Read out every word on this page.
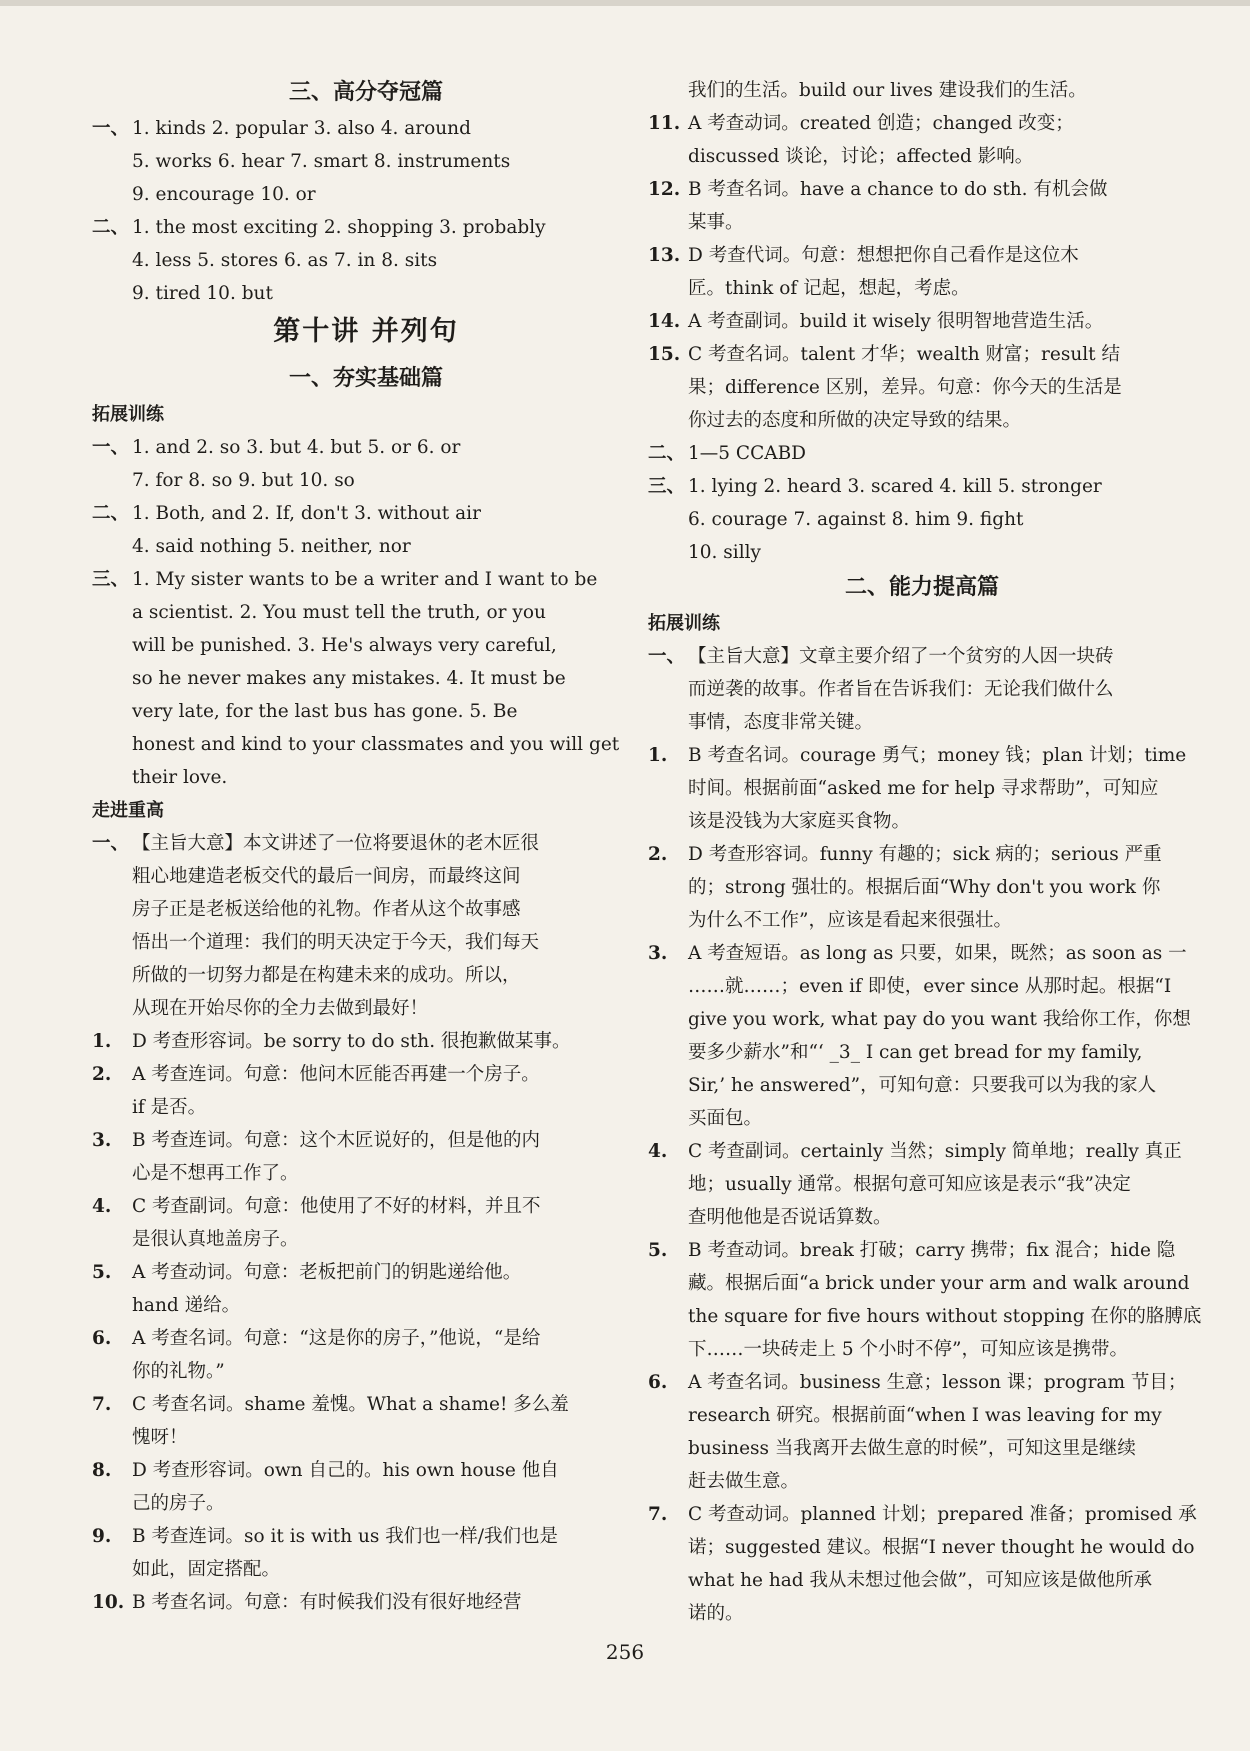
三、高分夺冠篇
一、 1. kinds 2. popular 3. also 4. around
5. works 6. hear 7. smart 8. instruments
9. encourage 10. or
二、 1. the most exciting 2. shopping 3. probably
4. less 5. stores 6. as 7. in 8. sits
9. tired 10. but
第十讲 并列句
一、夯实基础篇
拓展训练
一、 1. and 2. so 3. but 4. but 5. or 6. or
7. for 8. so 9. but 10. so
二、 1. Both, and 2. If, don't 3. without air
4. said nothing 5. neither, nor
三、 1. My sister wants to be a writer and I want to be
a scientist. 2. You must tell the truth, or you
will be punished. 3. He's always very careful,
so he never makes any mistakes. 4. It must be
very late, for the last bus has gone. 5. Be
honest and kind to your classmates and you will get
their love.
走进重高
一、 【主旨大意】本文讲述了一位将要退休的老木匠很
粗心地建造老板交代的最后一间房，而最终这间
房子正是老板送给他的礼物。作者从这个故事感
悟出一个道理：我们的明天决定于今天，我们每天
所做的一切努力都是在构建未来的成功。所以，
从现在开始尽你的全力去做到最好！
1. D 考查形容词。be sorry to do sth. 很抱歉做某事。
2. A 考查连词。句意：他问木匠能否再建一个房子。
if 是否。
3. B 考查连词。句意：这个木匠说好的，但是他的内
心是不想再工作了。
4. C 考查副词。句意：他使用了不好的材料，并且不
是很认真地盖房子。
5. A 考查动词。句意：老板把前门的钥匙递给他。
hand 递给。
6. A 考查名词。句意：“这是你的房子，”他说，“是给
你的礼物。”
7. C 考查名词。shame 羞愧。What a shame! 多么羞
愧呀！
8. D 考查形容词。own 自己的。his own house 他自
己的房子。
9. B 考查连词。so it is with us 我们也一样/我们也是
如此，固定搭配。
10. B 考查名词。句意：有时候我们没有很好地经营
我们的生活。build our lives 建设我们的生活。
11. A 考查动词。created 创造；changed 改变；
discussed 谈论，讨论；affected 影响。
12. B 考查名词。have a chance to do sth. 有机会做
某事。
13. D 考查代词。句意：想想把你自己看作是这位木
匠。think of 记起，想起，考虑。
14. A 考查副词。build it wisely 很明智地营造生活。
15. C 考查名词。talent 才华；wealth 财富；result 结
果；difference 区别，差异。句意：你今天的生活是
你过去的态度和所做的决定导致的结果。
二、 1—5 CCABD
三、 1. lying 2. heard 3. scared 4. kill 5. stronger
6. courage 7. against 8. him 9. fight
10. silly
二、能力提高篇
拓展训练
一、 【主旨大意】文章主要介绍了一个贫穷的人因一块砖
而逆袭的故事。作者旨在告诉我们：无论我们做什么
事情，态度非常关键。
1. B 考查名词。courage 勇气；money 钱；plan 计划；time
时间。根据前面“asked me for help 寻求帮助”，可知应
该是没钱为大家庭买食物。
2. D 考查形容词。funny 有趣的；sick 病的；serious 严重
的；strong 强壮的。根据后面“Why don't you work 你
为什么不工作”，应该是看起来很强壮。
3. A 考查短语。as long as 只要，如果，既然；as soon as 一
……就……；even if 即使，ever since 从那时起。根据“I
give you work, what pay do you want 我给你工作，你想
要多少薪水”和“‘ _3_ I can get bread for my family,
Sir,’ he answered”，可知句意：只要我可以为我的家人
买面包。
4. C 考查副词。certainly 当然；simply 简单地；really 真正
地；usually 通常。根据句意可知应该是表示“我”决定
查明他他是否说话算数。
5. B 考查动词。break 打破；carry 携带；fix 混合；hide 隐
藏。根据后面“a brick under your arm and walk around
the square for five hours without stopping 在你的胳膊底
下……一块砖走上 5 个小时不停”，可知应该是携带。
6. A 考查名词。business 生意；lesson 课；program 节目；
research 研究。根据前面“when I was leaving for my
business 当我离开去做生意的时候”，可知这里是继续
赶去做生意。
7. C 考查动词。planned 计划；prepared 准备；promised 承
诺；suggested 建议。根据“I never thought he would do
what he had 我从未想过他会做”，可知应该是做他所承
诺的。
256
